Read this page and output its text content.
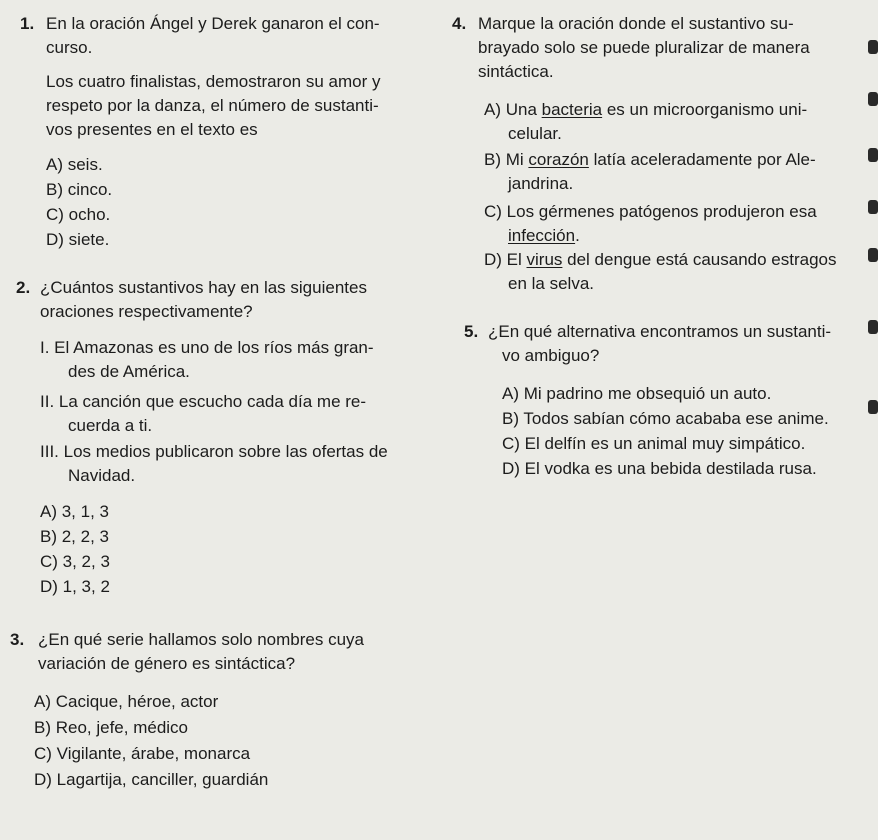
1. En la oración Ángel y Derek ganaron el con-
curso.
Los cuatro finalistas, demostraron su amor y
respeto por la danza, el número de sustanti-
vos presentes en el texto es
A) seis.
B) cinco.
C) ocho.
D) siete.
2. ¿Cuántos sustantivos hay en las siguientes
oraciones respectivamente?
I. El Amazonas es uno de los ríos más gran-
des de América.
II. La canción que escucho cada día me re-
cuerda a ti.
III. Los medios publicaron sobre las ofertas de
Navidad.
A) 3, 1, 3
B) 2, 2, 3
C) 3, 2, 3
D) 1, 3, 2
3. ¿En qué serie hallamos solo nombres cuya
variación de género es sintáctica?
A) Cacique, héroe, actor
B) Reo, jefe, médico
C) Vigilante, árabe, monarca
D) Lagartija, canciller, guardián
4. Marque la oración donde el sustantivo su-
brayado solo se puede pluralizar de manera
sintáctica.
A) Una bacteria es un microorganismo uni-
celular.
B) Mi corazón latía aceleradamente por Ale-
jandrina.
C) Los gérmenes patógenos produjeron esa
infección.
D) El virus del dengue está causando estragos
en la selva.
5. ¿En qué alternativa encontramos un sustanti-
vo ambiguo?
A) Mi padrino me obsequió un auto.
B) Todos sabían cómo acababa ese anime.
C) El delfín es un animal muy simpático.
D) El vodka es una bebida destilada rusa.
